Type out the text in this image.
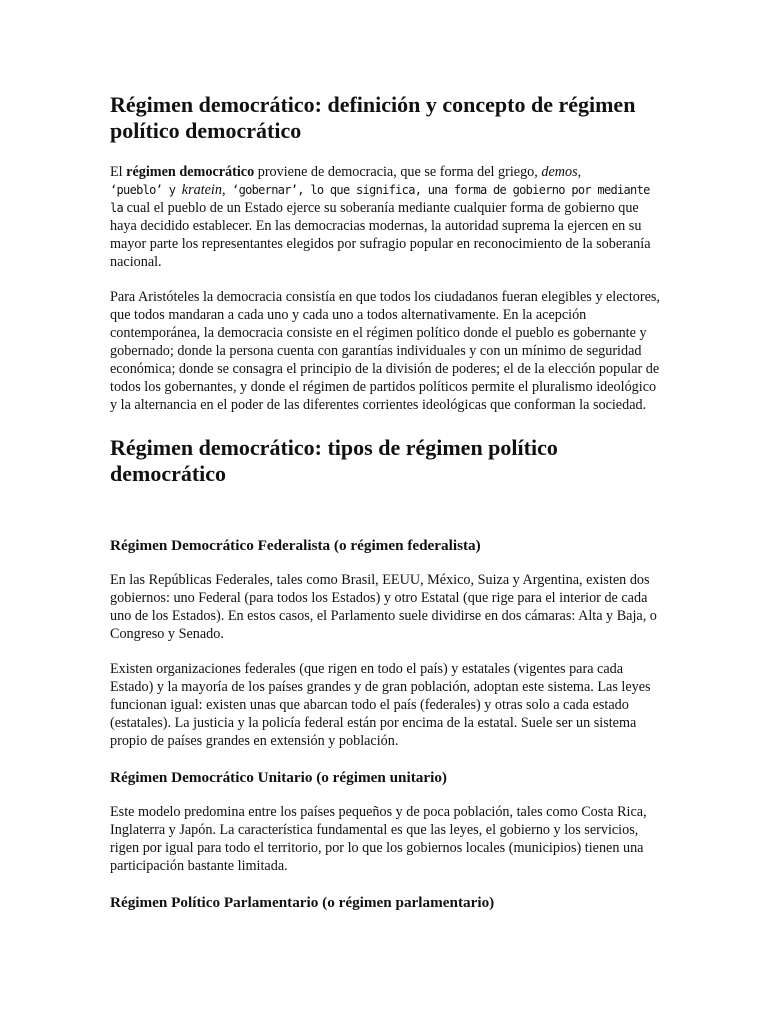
Régimen democrático: definición y concepto de régimen político democrático

El régimen democrático proviene de democracia, que se forma del griego, demos,
‘pueblo’ y kratein, ‘gobernar’, lo que significa, una forma de gobierno por mediante la cual el pueblo de un Estado ejerce su soberanía mediante cualquier forma de gobierno que haya decidido establecer. En las democracias modernas, la autoridad suprema la ejercen en su mayor parte los representantes elegidos por sufragio popular en reconocimiento de la soberanía nacional.

Para Aristóteles la democracia consistía en que todos los ciudadanos fueran elegibles y electores, que todos mandaran a cada uno y cada uno a todos alternativamente. En la acepción contemporánea, la democracia consiste en el régimen político donde el pueblo es gobernante y gobernado; donde la persona cuenta con garantías individuales y con un mínimo de seguridad económica; donde se consagra el principio de la división de poderes; el de la elección popular de todos los gobernantes, y donde el régimen de partidos políticos permite el pluralismo ideológico y la alternancia en el poder de las diferentes corrientes ideológicas que conforman la sociedad.

Régimen democrático: tipos de régimen político democrático
Régimen Democrático Federalista (o régimen federalista)

En las Repúblicas Federales, tales como Brasil, EEUU, México, Suiza y Argentina, existen dos gobiernos: uno Federal (para todos los Estados) y otro Estatal (que rige para el interior de cada uno de los Estados). En estos casos, el Parlamento suele dividirse en dos cámaras: Alta y Baja, o Congreso y Senado.

Existen organizaciones federales (que rigen en todo el país) y estatales (vigentes para cada Estado) y la mayoría de los países grandes y de gran población, adoptan este sistema. Las leyes funcionan igual: existen unas que abarcan todo el país (federales) y otras solo a cada estado (estatales). La justicia y la policía federal están por encima de la estatal. Suele ser un sistema propio de países grandes en extensión y población.

Régimen Democrático Unitario (o régimen unitario)

Este modelo predomina entre los países pequeños y de poca población, tales como Costa Rica, Inglaterra y Japón. La característica fundamental es que las leyes, el gobierno y los servicios, rigen por igual para todo el territorio, por lo que los gobiernos locales (municipios) tienen una participación bastante limitada.

Régimen Político Parlamentario (o régimen parlamentario)
